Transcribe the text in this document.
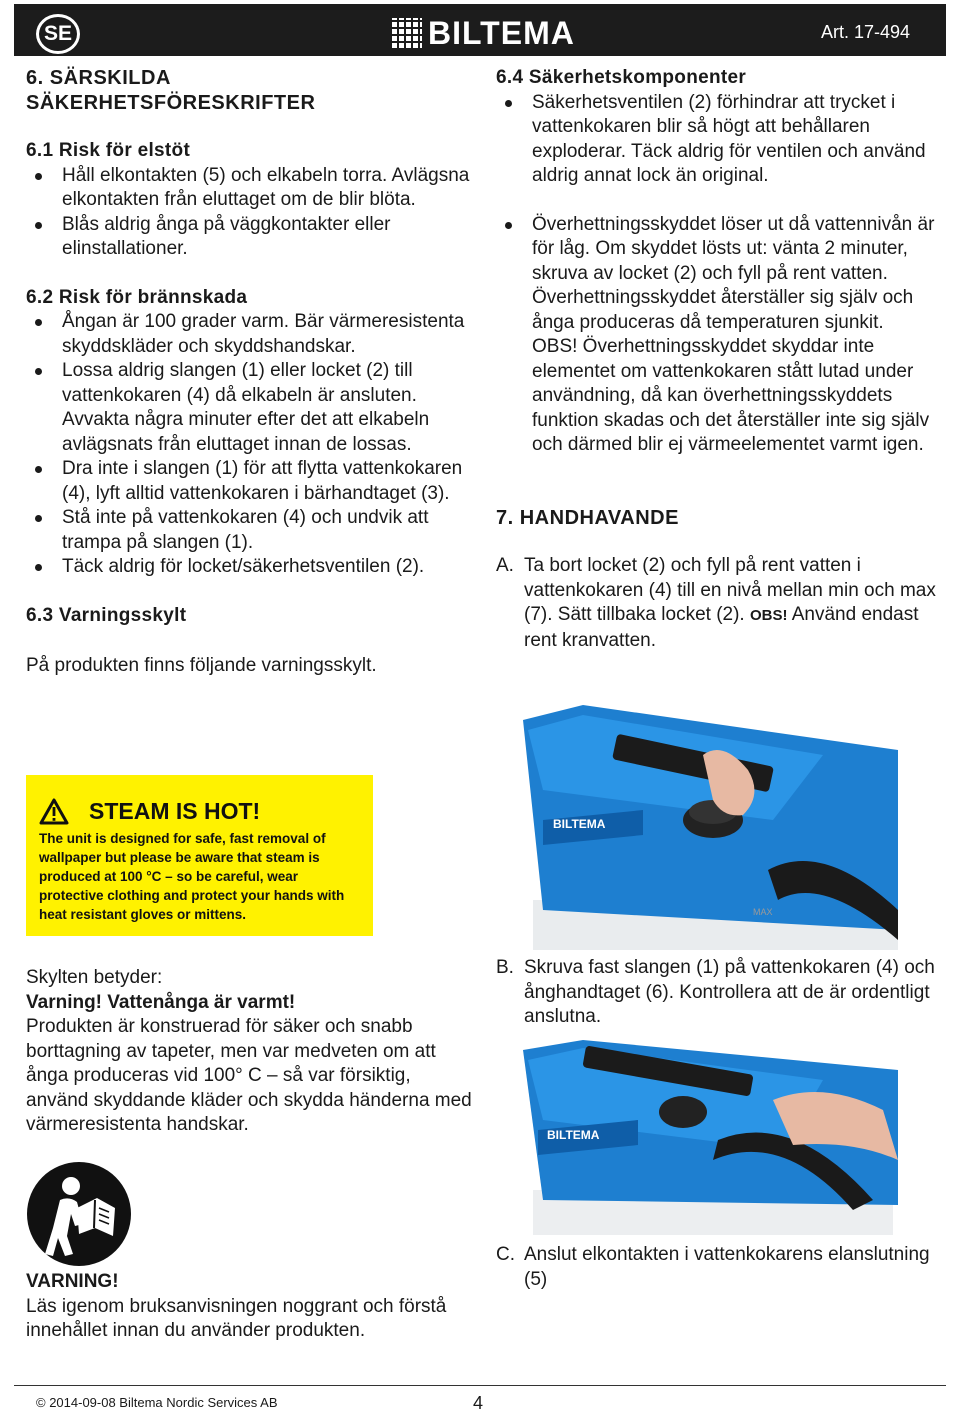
SE	BILTEMA	Art. 17-494
6. SÄRSKILDA
SÄKERHETSFÖRESKRIFTER
6.1 Risk för elstöt
Håll elkontakten (5) och elkabeln torra. Avlägsna elkontakten från eluttaget om de blir blöta.
Blås aldrig ånga på väggkontakter eller elinstallationer.
6.2 Risk för brännskada
Ångan är 100 grader varm. Bär värmeresistenta skyddskläder och skyddshandskar.
Lossa aldrig slangen (1) eller locket (2) till vattenkokaren (4) då elkabeln är ansluten. Avvakta några minuter efter det att elkabeln avlägsnats från eluttaget innan de lossas.
Dra inte i slangen (1) för att flytta vattenkokaren (4), lyft alltid vattenkokaren i bärhandtaget (3).
Stå inte på vattenkokaren (4) och undvik att trampa på slangen (1).
Täck aldrig för locket/säkerhetsventilen (2).
6.3 Varningsskylt

På produkten finns följande varningsskylt.

STEAM IS HOT!

The unit is designed for safe, fast removal of wallpaper but please be aware that steam is produced at 100 °C – so be careful, wear protective clothing and protect your hands with heat resistant gloves or mittens.

Skylten betyder:

Varning! Vattenånga är varmt!

Produkten är konstruerad för säker och snabb borttagning av tapeter, men var medveten om att ånga produceras vid 100° C – så var försiktig, använd skyddande kläder och skydda händerna med värmeresistenta handskar.

VARNING!

Läs igenom bruksanvisningen noggrant och förstå innehållet innan du använder produkten.

6.4 Säkerhetskomponenter
Säkerhetsventilen (2) förhindrar att trycket i vattenkokaren blir så högt att behållaren exploderar. Täck aldrig för ventilen och använd aldrig annat lock än original.
Överhettningsskyddet löser ut då vattennivån är för låg. Om skyddet lösts ut: vänta 2 minuter, skruva av locket (2) och fyll på rent vatten. Överhettningsskyddet återställer sig själv och ånga produceras då temperaturen sjunkit.
OBS! Överhettningsskyddet skyddar inte elementet om vattenkokaren stått lutad under användning, då kan överhettningsskyddets funktion skadas och det återställer inte sig själv och därmed blir ej värmeelementet varmt igen.
7. HANDHAVANDE
A. Ta bort locket (2) och fyll på rent vatten i vattenkokaren (4) till en nivå mellan min och max (7). Sätt tillbaka locket (2). OBS! Använd endast rent kranvatten.
BILTEMA
MAX
B. Skruva fast slangen (1) på vattenkokaren (4) och ånghandtaget (6). Kontrollera att de är ordentligt anslutna.
BILTEMA
C. Anslut elkontakten i vattenkokarens elanslutning (5)
© 2014-09-08 Biltema Nordic Services AB	4
